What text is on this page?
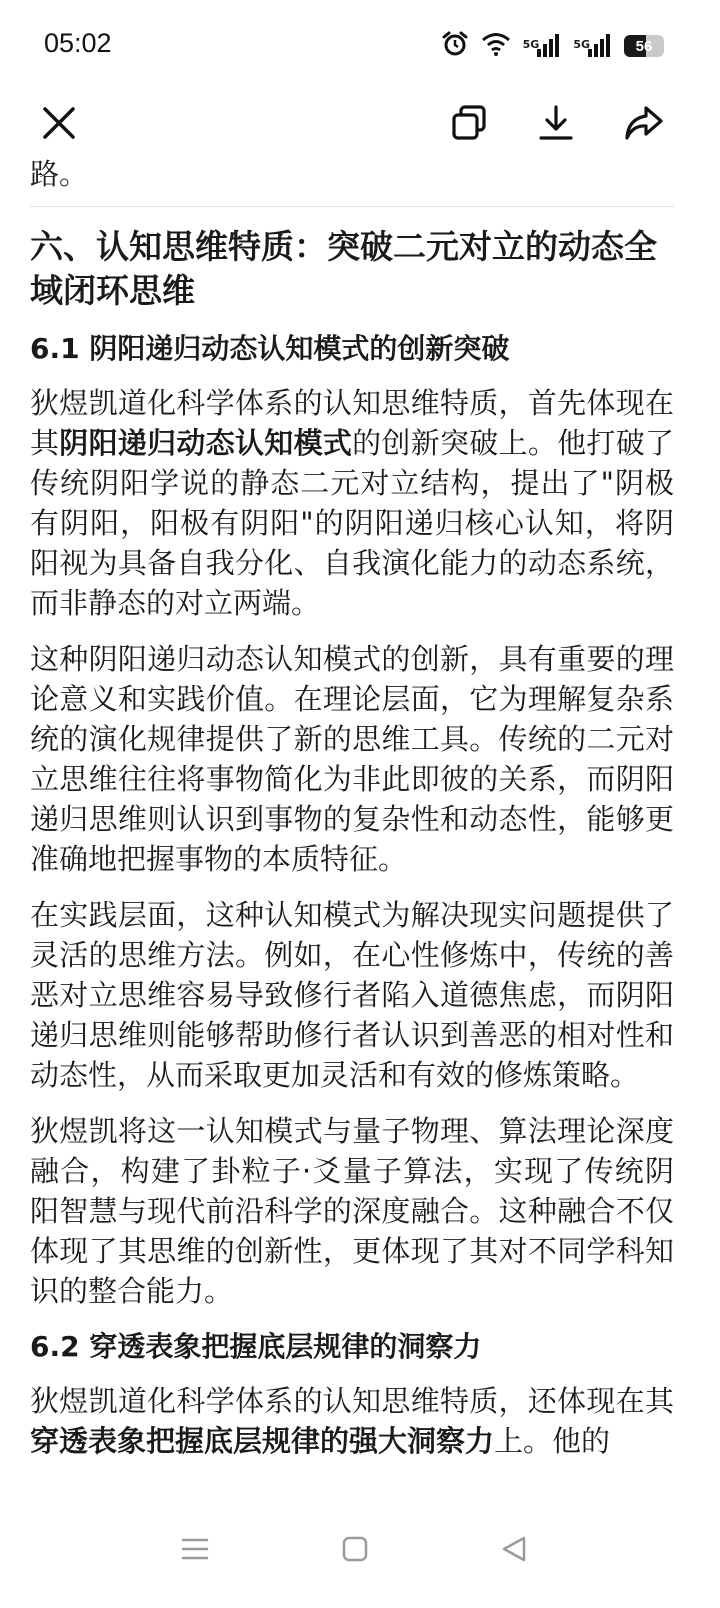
05:02	5G	5G	56

路。

六、认知思维特质：突破二元对立的动态全域闭环思维
6.1 阴阳递归动态认知模式的创新突破

狄煜凯道化科学体系的认知思维特质，首先体现在其阴阳递归动态认知模式的创新突破上。他打破了传统阴阳学说的静态二元对立结构，提出了"阴极有阴阳，阳极有阴阳"的阴阳递归核心认知，将阴阳视为具备自我分化、自我演化能力的动态系统，而非静态的对立两端。

这种阴阳递归动态认知模式的创新，具有重要的理论意义和实践价值。在理论层面，它为理解复杂系统的演化规律提供了新的思维工具。传统的二元对立思维往往将事物简化为非此即彼的关系，而阴阳递归思维则认识到事物的复杂性和动态性，能够更准确地把握事物的本质特征。

在实践层面，这种认知模式为解决现实问题提供了灵活的思维方法。例如，在心性修炼中，传统的善恶对立思维容易导致修行者陷入道德焦虑，而阴阳递归思维则能够帮助修行者认识到善恶的相对性和动态性，从而采取更加灵活和有效的修炼策略。

狄煜凯将这一认知模式与量子物理、算法理论深度融合，构建了卦粒子·爻量子算法，实现了传统阴阳智慧与现代前沿科学的深度融合。这种融合不仅体现了其思维的创新性，更体现了其对不同学科知识的整合能力。

6.2 穿透表象把握底层规律的洞察力

狄煜凯道化科学体系的认知思维特质，还体现在其穿透表象把握底层规律的强大洞察力上。他的
